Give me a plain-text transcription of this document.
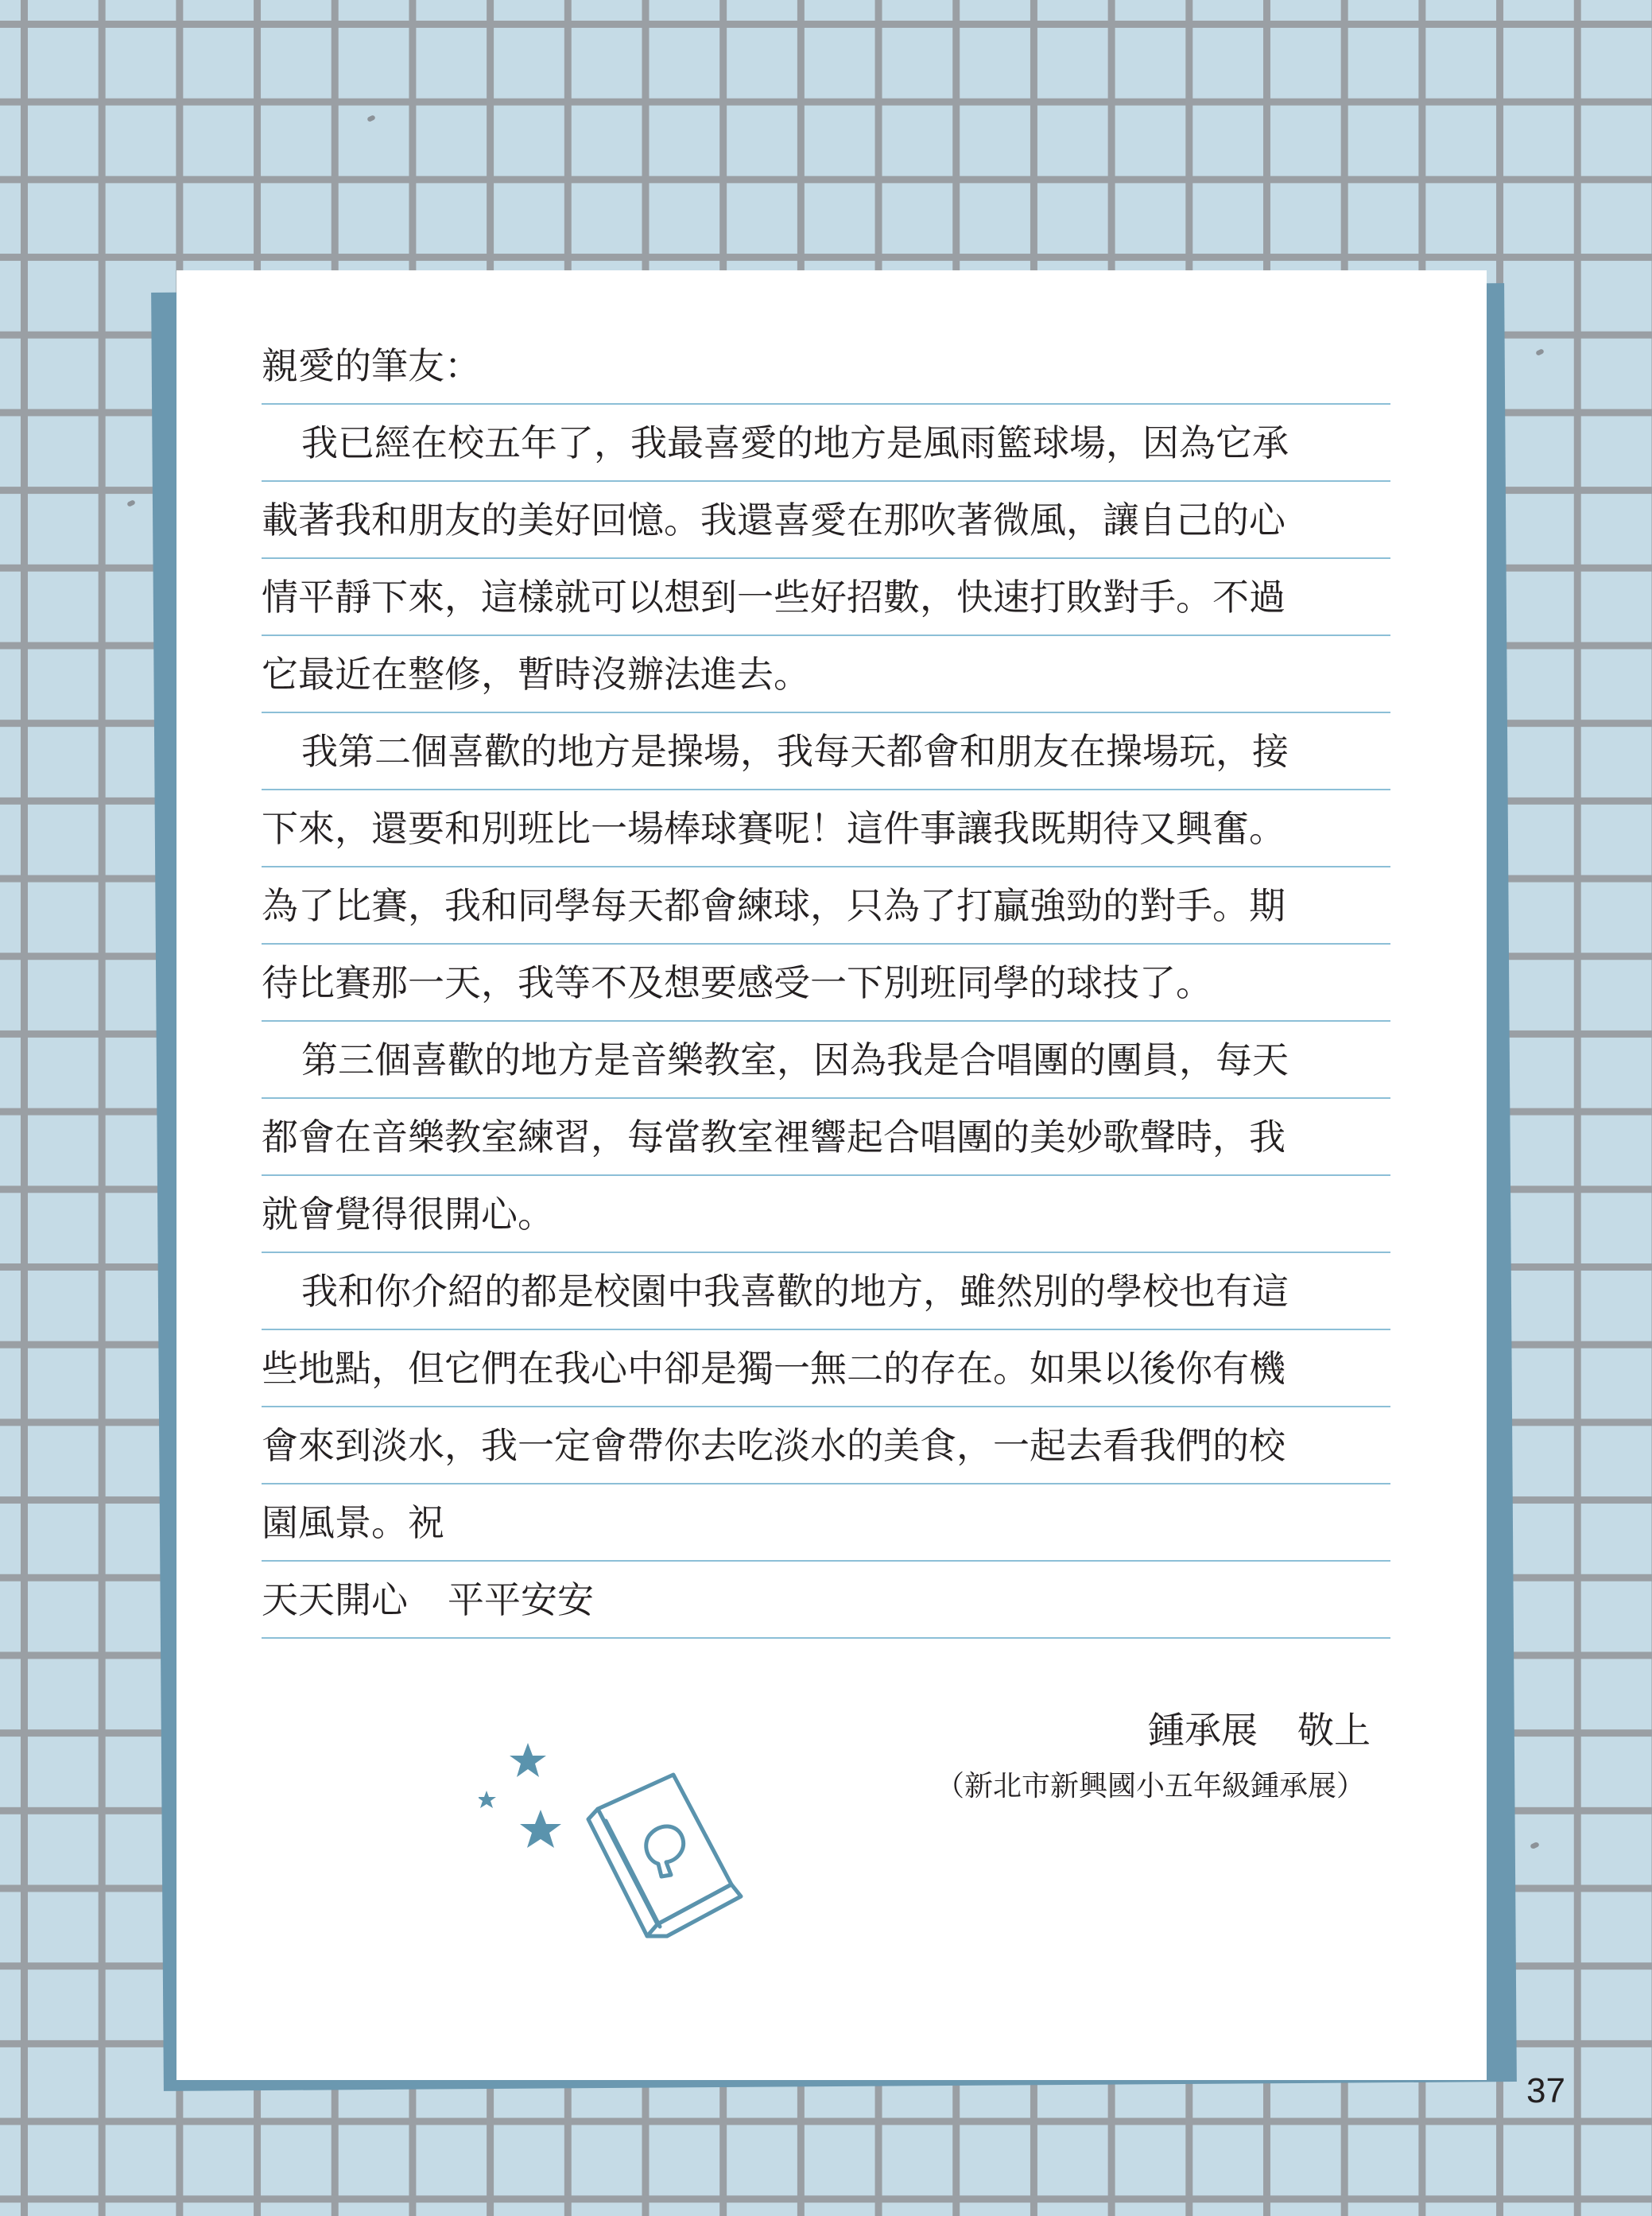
親愛的筆友：
我已經在校五年了，我最喜愛的地方是風雨籃球場，因為它承
載著我和朋友的美好回憶。我還喜愛在那吹著微風，讓自己的心
情平靜下來，這樣就可以想到一些好招數，快速打敗對手。不過
它最近在整修，暫時沒辦法進去。
我第二個喜歡的地方是操場，我每天都會和朋友在操場玩，接
下來，還要和別班比一場棒球賽呢！這件事讓我既期待又興奮。
為了比賽，我和同學每天都會練球，只為了打贏強勁的對手。期
待比賽那一天，我等不及想要感受一下別班同學的球技了。
第三個喜歡的地方是音樂教室，因為我是合唱團的團員，每天
都會在音樂教室練習，每當教室裡響起合唱團的美妙歌聲時，我
就會覺得很開心。
我和你介紹的都是校園中我喜歡的地方，雖然別的學校也有這
些地點，但它們在我心中卻是獨一無二的存在。如果以後你有機
會來到淡水，我一定會帶你去吃淡水的美食，一起去看我們的校
園風景。祝
天天開心 平平安安
鍾承展 敬上
（新北市新興國小五年級鍾承展）
37
